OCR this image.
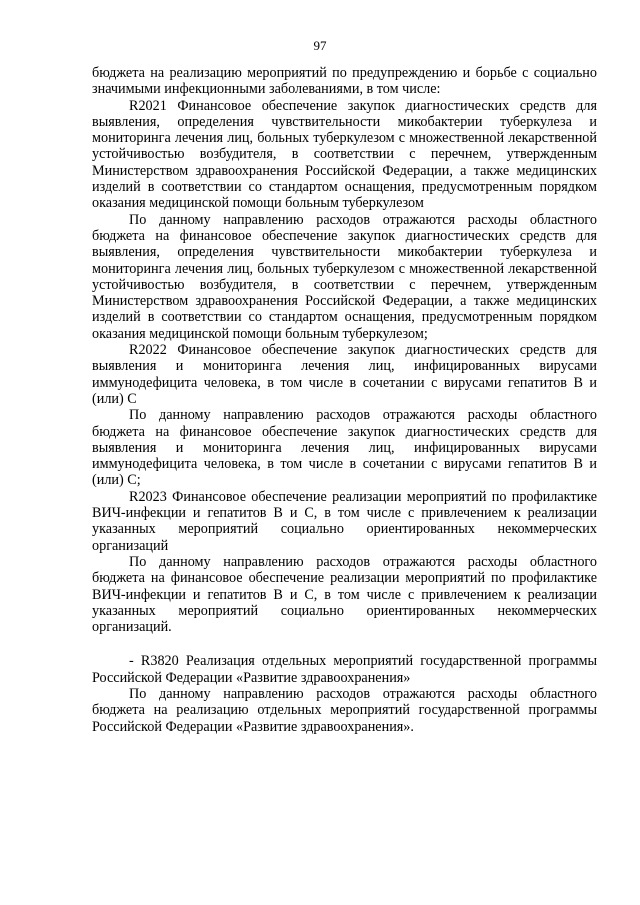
97

бюджета на реализацию мероприятий по предупреждению и борьбе с социально значимыми инфекционными заболеваниями, в том числе:

R2021 Финансовое обеспечение закупок диагностических средств для выявления, определения чувствительности микобактерии туберкулеза и мониторинга лечения лиц, больных туберкулезом с множественной лекарственной устойчивостью возбудителя, в соответствии с перечнем, утвержденным Министерством здравоохранения Российской Федерации, а также медицинских изделий в соответствии со стандартом оснащения, предусмотренным порядком оказания медицинской помощи больным туберкулезом

По данному направлению расходов отражаются расходы областного бюджета на финансовое обеспечение закупок диагностических средств для выявления, определения чувствительности микобактерии туберкулеза и мониторинга лечения лиц, больных туберкулезом с множественной лекарственной устойчивостью возбудителя, в соответствии с перечнем, утвержденным Министерством здравоохранения Российской Федерации, а также медицинских изделий в соответствии со стандартом оснащения, предусмотренным порядком оказания медицинской помощи больным туберкулезом;

R2022 Финансовое обеспечение закупок диагностических средств для выявления и мониторинга лечения лиц, инфицированных вирусами иммунодефицита человека, в том числе в сочетании с вирусами гепатитов B и (или) C

По данному направлению расходов отражаются расходы областного бюджета на финансовое обеспечение закупок диагностических средств для выявления и мониторинга лечения лиц, инфицированных вирусами иммунодефицита человека, в том числе в сочетании с вирусами гепатитов B и (или) C;

R2023 Финансовое обеспечение реализации мероприятий по профилактике ВИЧ-инфекции и гепатитов B и C, в том числе с привлечением к реализации указанных мероприятий социально ориентированных некоммерческих организаций

По данному направлению расходов отражаются расходы областного бюджета на финансовое обеспечение реализации мероприятий по профилактике ВИЧ-инфекции и гепатитов B и C, в том числе с привлечением к реализации указанных мероприятий социально ориентированных некоммерческих организаций.

- R3820 Реализация отдельных мероприятий государственной программы Российской Федерации «Развитие здравоохранения»

По данному направлению расходов отражаются расходы областного бюджета на реализацию отдельных мероприятий государственной программы Российской Федерации «Развитие здравоохранения».
